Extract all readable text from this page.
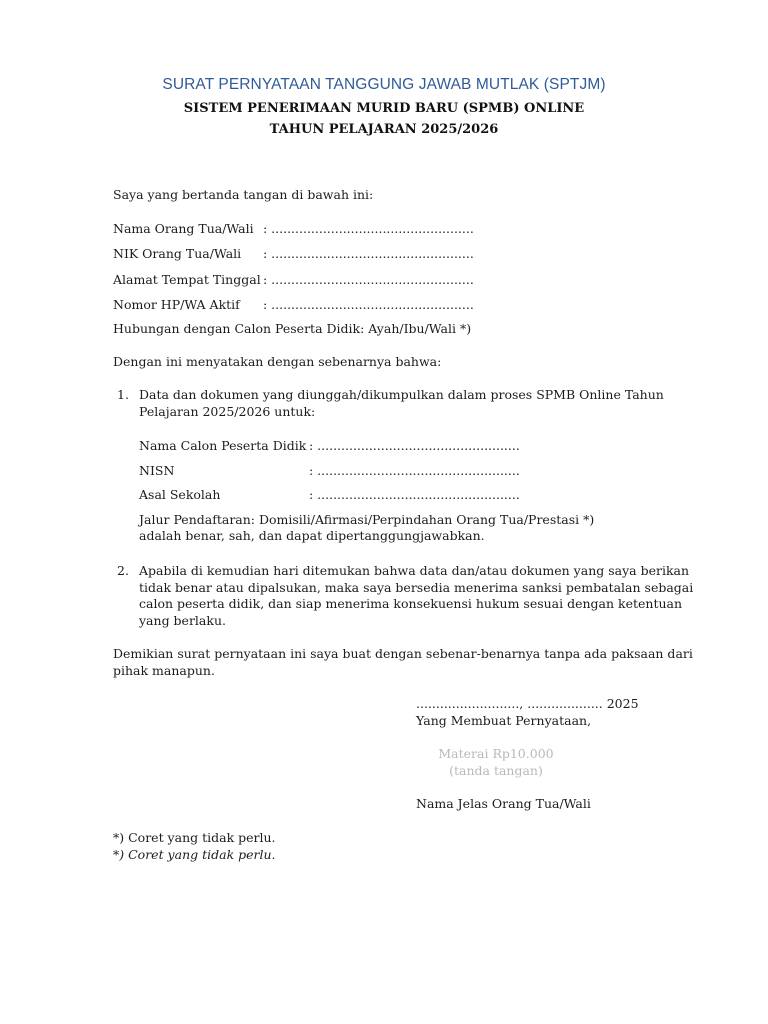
SURAT PERNYATAAN TANGGUNG JAWAB MUTLAK (SPTJM)
SISTEM PENERIMAAN MURID BARU (SPMB) ONLINE
TAHUN PELAJARAN 2025/2026
Saya yang bertanda tangan di bawah ini:
Nama Orang Tua/Wali : ...................................................
NIK Orang Tua/Wali : ...................................................
Alamat Tempat Tinggal : ...................................................
Nomor HP/WA Aktif : ...................................................
Hubungan dengan Calon Peserta Didik: Ayah/Ibu/Wali *)
Dengan ini menyatakan dengan sebenarnya bahwa:
1. Data dan dokumen yang diunggah/dikumpulkan dalam proses SPMB Online Tahun
Pelajaran 2025/2026 untuk:
Nama Calon Peserta Didik : ...................................................
NISN	: ...................................................
Asal Sekolah	: ...................................................
Jalur Pendaftaran: Domisili/Afirmasi/Perpindahan Orang Tua/Prestasi *)
adalah benar, sah, dan dapat dipertanggungjawabkan.
2. Apabila di kemudian hari ditemukan bahwa data dan/atau dokumen yang saya berikan
tidak benar atau dipalsukan, maka saya bersedia menerima sanksi pembatalan sebagai
calon peserta didik, dan siap menerima konsekuensi hukum sesuai dengan ketentuan
yang berlaku.
Demikian surat pernyataan ini saya buat dengan sebenar-benarnya tanpa ada paksaan dari
pihak manapun.
.........................., ................... 2025
Yang Membuat Pernyataan,
Materai Rp10.000
(tanda tangan)
Nama Jelas Orang Tua/Wali
*) Coret yang tidak perlu.
*) Coret yang tidak perlu.
